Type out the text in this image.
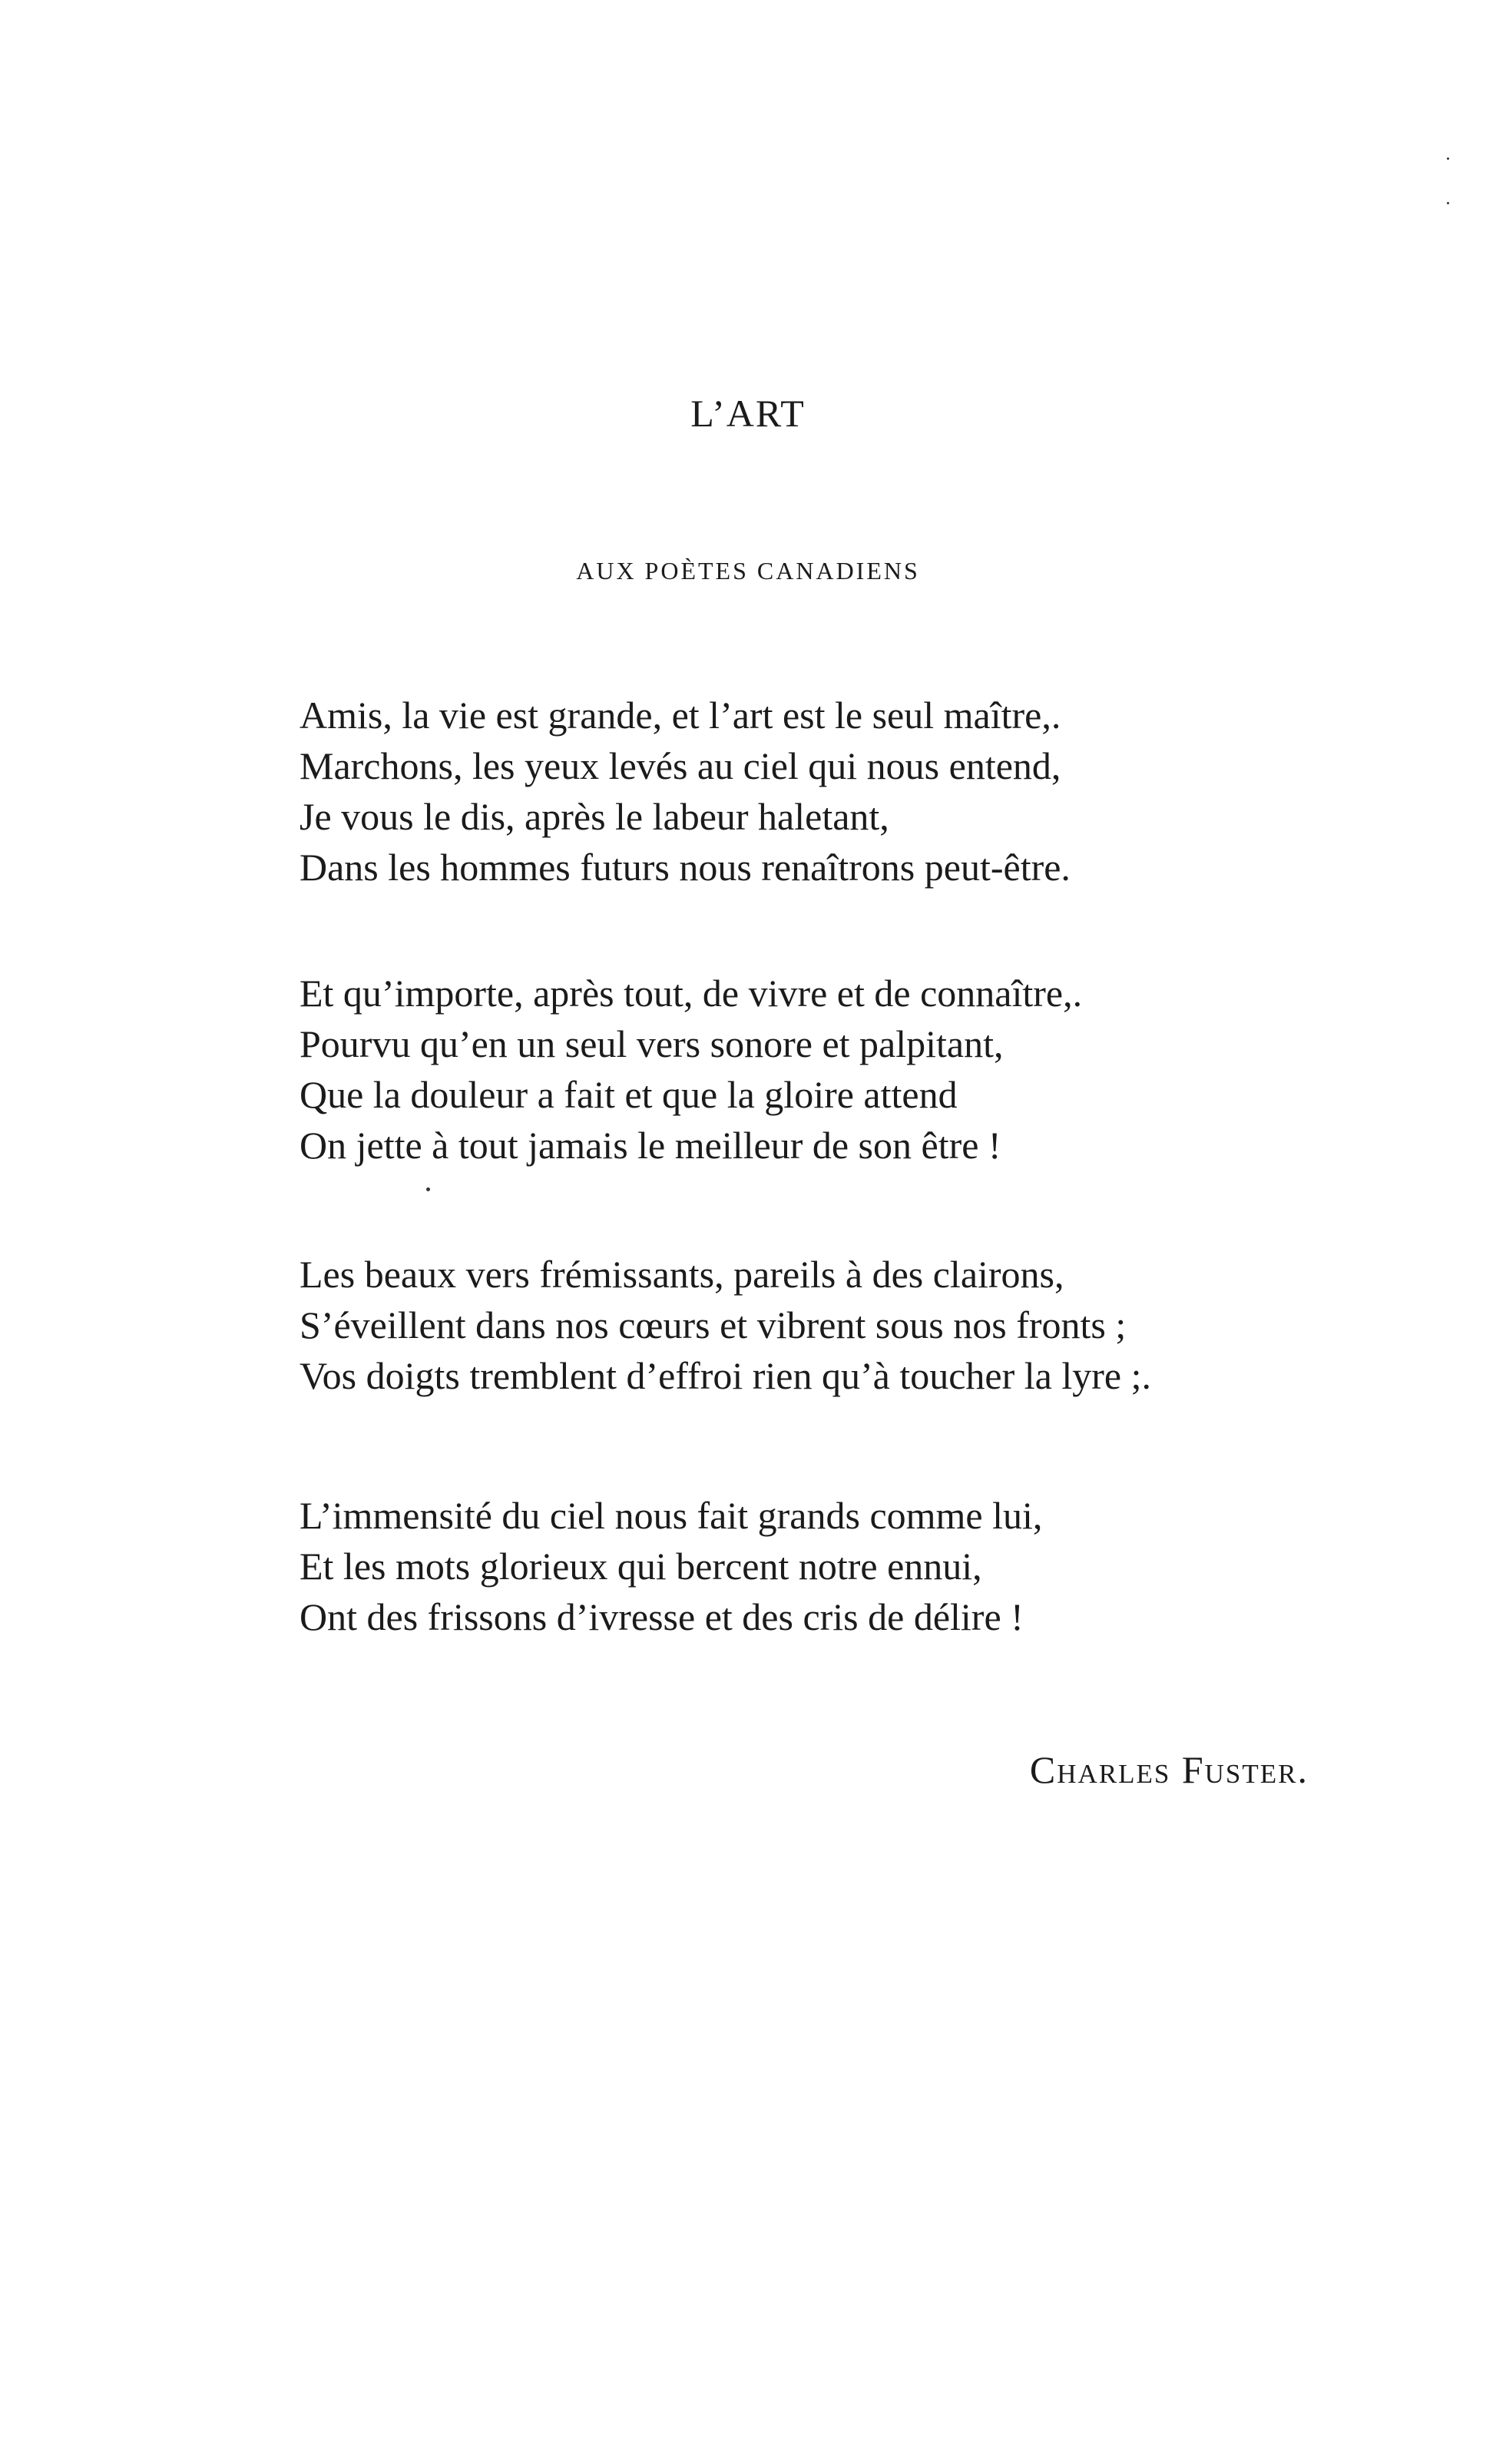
L’ART
AUX POÈTES CANADIENS
Amis, la vie est grande, et l’art est le seul maître,.
Marchons, les yeux levés au ciel qui nous entend,
Je vous le dis, après le labeur haletant,
Dans les hommes futurs nous renaîtrons peut-être.
Et qu’importe, après tout, de vivre et de connaître,.
Pourvu qu’en un seul vers sonore et palpitant,
Que la douleur a fait et que la gloire attend
On jette à tout jamais le meilleur de son être !
Les beaux vers frémissants, pareils à des clairons,
S’éveillent dans nos cœurs et vibrent sous nos fronts ;
Vos doigts tremblent d’effroi rien qu’à toucher la lyre ;.
L’immensité du ciel nous fait grands comme lui,
Et les mots glorieux qui bercent notre ennui,
Ont des frissons d’ivresse et des cris de délire !
Charles Fuster.
